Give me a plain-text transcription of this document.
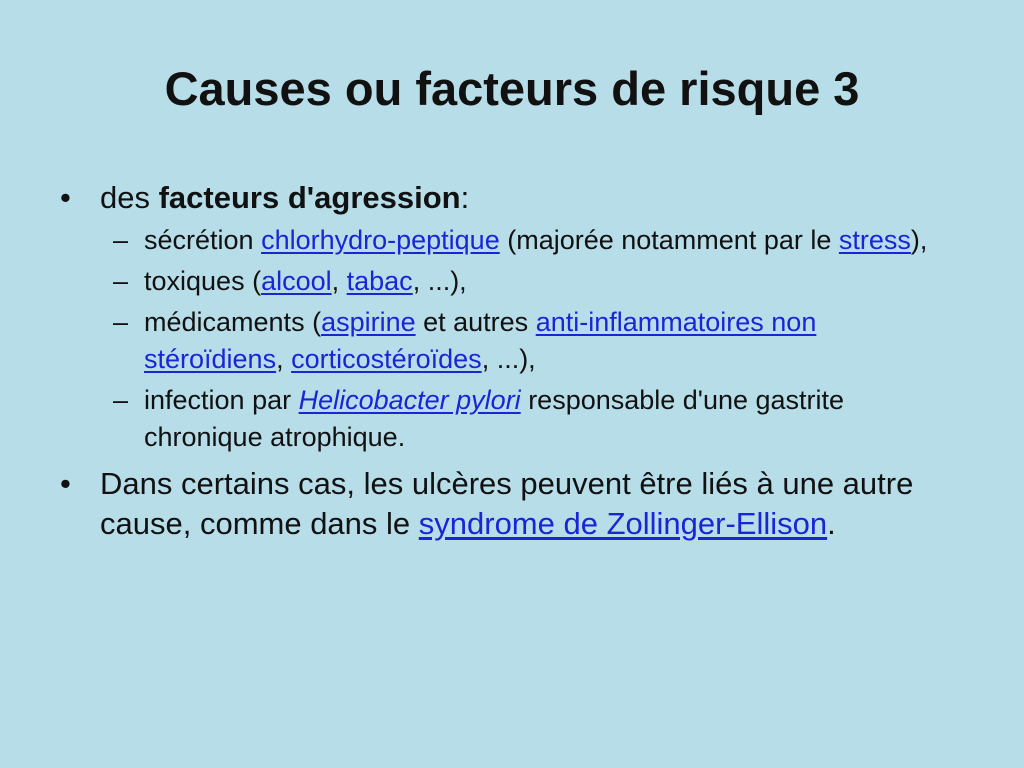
Causes ou facteurs de risque 3
• des facteurs d'agression:
– sécrétion chlorhydro-peptique (majorée notamment par le stress),
– toxiques (alcool, tabac, ...),
– médicaments (aspirine et autres anti-inflammatoires non stéroïdiens, corticostéroïdes, ...),
– infection par Helicobacter pylori responsable d'une gastrite chronique atrophique.
• Dans certains cas, les ulcères peuvent être liés à une autre cause, comme dans le syndrome de Zollinger-Ellison.
